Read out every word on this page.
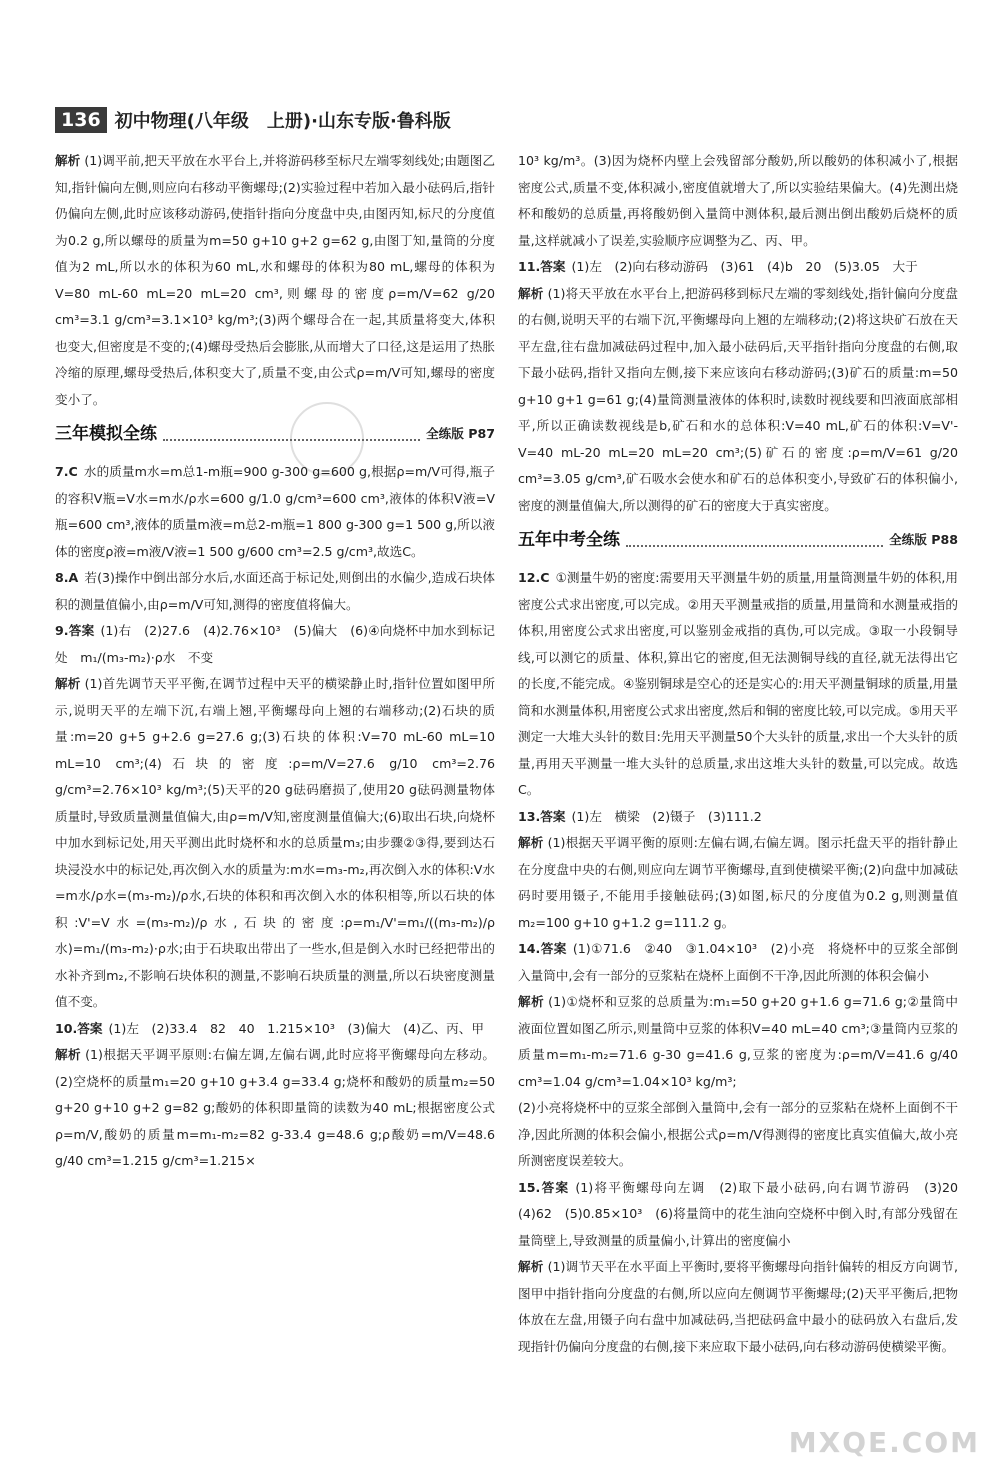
136 初中物理(八年级　上册)·山东专版·鲁科版

解析 (1)调平前,把天平放在水平台上,并将游码移至标尺左端零刻线处;由题图乙知,指针偏向左侧,则应向右移动平衡螺母;(2)实验过程中若加入最小砝码后,指针仍偏向左侧,此时应该移动游码,使指针指向分度盘中央,由图丙知,标尺的分度值为0.2 g,所以螺母的质量为m=50 g+10 g+2 g=62 g,由图丁知,量筒的分度值为2 mL,所以水的体积为60 mL,水和螺母的体积为80 mL,螺母的体积为V=80 mL-60 mL=20 mL=20 cm³,则螺母的密度ρ=m/V=62 g/20 cm³=3.1 g/cm³=3.1×10³ kg/m³;(3)两个螺母合在一起,其质量将变大,体积也变大,但密度是不变的;(4)螺母受热后会膨胀,从而增大了口径,这是运用了热胀冷缩的原理,螺母受热后,体积变大了,质量不变,由公式ρ=m/V可知,螺母的密度变小了。

三年模拟全练	全练版 P87

7.C 水的质量m水=m总1-m瓶=900 g-300 g=600 g,根据ρ=m/V可得,瓶子的容积V瓶=V水=m水/ρ水=600 g/1.0 g/cm³=600 cm³,液体的体积V液=V瓶=600 cm³,液体的质量m液=m总2-m瓶=1 800 g-300 g=1 500 g,所以液体的密度ρ液=m液/V液=1 500 g/600 cm³=2.5 g/cm³,故选C。

8.A 若(3)操作中倒出部分水后,水面还高于标记处,则倒出的水偏少,造成石块体积的测量值偏小,由ρ=m/V可知,测得的密度值将偏大。

9.答案 (1)右　(2)27.6　(4)2.76×10³　(5)偏大　(6)④向烧杯中加水到标记处　m₁/(m₃-m₂)·ρ水　不变

解析 (1)首先调节天平平衡,在调节过程中天平的横梁静止时,指针位置如图甲所示,说明天平的左端下沉,右端上翘,平衡螺母向上翘的右端移动;(2)石块的质量:m=20 g+5 g+2.6 g=27.6 g;(3)石块的体积:V=70 mL-60 mL=10 mL=10 cm³;(4)石块的密度:ρ=m/V=27.6 g/10 cm³=2.76 g/cm³=2.76×10³ kg/m³;(5)天平的20 g砝码磨损了,使用20 g砝码测量物体质量时,导致质量测量值偏大,由ρ=m/V知,密度测量值偏大;(6)取出石块,向烧杯中加水到标记处,用天平测出此时烧杯和水的总质量m₃;由步骤②③得,要到达石块浸没水中的标记处,再次倒入水的质量为:m水=m₃-m₂,再次倒入水的体积:V水=m水/ρ水=(m₃-m₂)/ρ水,石块的体积和再次倒入水的体积相等,所以石块的体积:V'=V水=(m₃-m₂)/ρ水,石块的密度:ρ=m₁/V'=m₁/((m₃-m₂)/ρ水)=m₁/(m₃-m₂)·ρ水;由于石块取出带出了一些水,但是倒入水时已经把带出的水补齐到m₂,不影响石块体积的测量,不影响石块质量的测量,所以石块密度测量值不变。

10.答案 (1)左　(2)33.4　82　40　1.215×10³　(3)偏大　(4)乙、丙、甲

解析 (1)根据天平调平原则:右偏左调,左偏右调,此时应将平衡螺母向左移动。(2)空烧杯的质量m₁=20 g+10 g+3.4 g=33.4 g;烧杯和酸奶的质量m₂=50 g+20 g+10 g+2 g=82 g;酸奶的体积即量筒的读数为40 mL;根据密度公式ρ=m/V,酸奶的质量m=m₁-m₂=82 g-33.4 g=48.6 g;ρ酸奶=m/V=48.6 g/40 cm³=1.215 g/cm³=1.215×

10³ kg/m³。(3)因为烧杯内壁上会残留部分酸奶,所以酸奶的体积减小了,根据密度公式,质量不变,体积减小,密度值就增大了,所以实验结果偏大。(4)先测出烧杯和酸奶的总质量,再将酸奶倒入量筒中测体积,最后测出倒出酸奶后烧杯的质量,这样就减小了误差,实验顺序应调整为乙、丙、甲。

11.答案 (1)左　(2)向右移动游码　(3)61　(4)b　20　(5)3.05　大于

解析 (1)将天平放在水平台上,把游码移到标尺左端的零刻线处,指针偏向分度盘的右侧,说明天平的右端下沉,平衡螺母向上翘的左端移动;(2)将这块矿石放在天平左盘,往右盘加减砝码过程中,加入最小砝码后,天平指针指向分度盘的右侧,取下最小砝码,指针又指向左侧,接下来应该向右移动游码;(3)矿石的质量:m=50 g+10 g+1 g=61 g;(4)量筒测量液体的体积时,读数时视线要和凹液面底部相平,所以正确读数视线是b,矿石和水的总体积:V=40 mL,矿石的体积:V=V'-V=40 mL-20 mL=20 mL=20 cm³;(5)矿石的密度:ρ=m/V=61 g/20 cm³=3.05 g/cm³,矿石吸水会使水和矿石的总体积变小,导致矿石的体积偏小,密度的测量值偏大,所以测得的矿石的密度大于真实密度。

五年中考全练	全练版 P88

12.C ①测量牛奶的密度:需要用天平测量牛奶的质量,用量筒测量牛奶的体积,用密度公式求出密度,可以完成。②用天平测量戒指的质量,用量筒和水测量戒指的体积,用密度公式求出密度,可以鉴别金戒指的真伪,可以完成。③取一小段铜导线,可以测它的质量、体积,算出它的密度,但无法测铜导线的直径,就无法得出它的长度,不能完成。④鉴别铜球是空心的还是实心的:用天平测量铜球的质量,用量筒和水测量体积,用密度公式求出密度,然后和铜的密度比较,可以完成。⑤用天平测定一大堆大头针的数目:先用天平测量50个大头针的质量,求出一个大头针的质量,再用天平测量一堆大头针的总质量,求出这堆大头针的数量,可以完成。故选C。

13.答案 (1)左　横梁　(2)镊子　(3)111.2

解析 (1)根据天平调平衡的原则:左偏右调,右偏左调。图示托盘天平的指针静止在分度盘中央的右侧,则应向左调节平衡螺母,直到使横梁平衡;(2)向盘中加减砝码时要用镊子,不能用手接触砝码;(3)如图,标尺的分度值为0.2 g,则测量值m₂=100 g+10 g+1.2 g=111.2 g。

14.答案 (1)①71.6　②40　③1.04×10³　(2)小亮　将烧杯中的豆浆全部倒入量筒中,会有一部分的豆浆粘在烧杯上面倒不干净,因此所测的体积会偏小

解析 (1)①烧杯和豆浆的总质量为:m₁=50 g+20 g+1.6 g=71.6 g;②量筒中液面位置如图乙所示,则量筒中豆浆的体积V=40 mL=40 cm³;③量筒内豆浆的质量m=m₁-m₂=71.6 g-30 g=41.6 g,豆浆的密度为:ρ=m/V=41.6 g/40 cm³=1.04 g/cm³=1.04×10³ kg/m³;

(2)小亮将烧杯中的豆浆全部倒入量筒中,会有一部分的豆浆粘在烧杯上面倒不干净,因此所测的体积会偏小,根据公式ρ=m/V得测得的密度比真实值偏大,故小亮所测密度误差较大。

15.答案 (1)将平衡螺母向左调　(2)取下最小砝码,向右调节游码　(3)20　(4)62　(5)0.85×10³　(6)将量筒中的花生油向空烧杯中倒入时,有部分残留在量筒壁上,导致测量的质量偏小,计算出的密度偏小

解析 (1)调节天平在水平面上平衡时,要将平衡螺母向指针偏转的相反方向调节,图甲中指针指向分度盘的右侧,所以应向左侧调节平衡螺母;(2)天平平衡后,把物体放在左盘,用镊子向右盘中加减砝码,当把砝码盒中最小的砝码放入右盘后,发现指针仍偏向分度盘的右侧,接下来应取下最小砝码,向右移动游码使横梁平衡。

MXQE.COM
